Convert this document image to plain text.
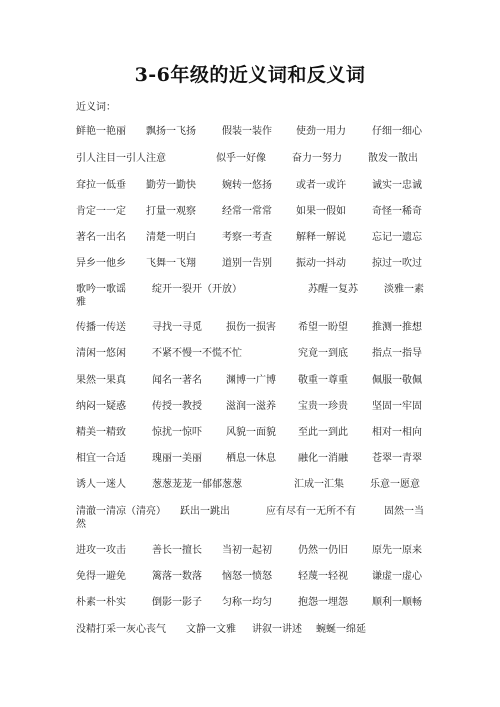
3-6年级的近义词和反义词
近义词：
鲜艳一艳丽 飘扬一飞扬	假装一装作 使劲一用力	仔细一细心
引人注目一引人注意	似乎一好像	奋力一努力	散发一散出
耷拉一低垂 勤劳一勤快	婉转一悠扬 或者一或许	诚实一忠诚
肯定一一定 打量一观察	经常一常常 如果一假如	奇怪一稀奇
著名一出名 清楚一明白	考察一考查 解释一解说	忘记一遗忘
异乡一他乡 飞舞一飞翔	道别一告别 振动一抖动	掠过一吹过
歌吟一歌谣	绽开一裂开（开放）	苏醒一复苏	淡雅一素
雅
传播一传送	寻找一寻觅 损伤一损害 希望一盼望 推测一推想
清闲一悠闲	不紧不慢一不慌不忙	究竟一到底 指点一指导
果然一果真	闻名一著名 渊博一广博 敬重一尊重 佩服一敬佩
纳闷一疑惑	传授一教授 滋润一滋养 宝贵一珍贵 坚固一牢固
精美一精致	惊扰一惊吓 风貌一面貌 至此一到此 相对一相向
相宜一合适	瑰丽一美丽 栖息一休息 融化一消融 苍翠一青翠
诱人一迷人	葱葱茏茏一郁郁葱葱	汇成一汇集	乐意一愿意
清澈一清凉（清亮） 跃出一跳出	应有尽有一无所不有	固然一当
然
进攻一攻击	善长一擅长 当初一起初	仍然一仍旧 原先一原来
免得一避免	篱落一数落 恼怒一愤怒	轻蔑一轻视 谦虚一虚心
朴素一朴实	倒影一影子 匀称一均匀	抱怨一埋怨 顺利一顺畅
没精打采一灰心丧气 文静一文雅 讲叙一讲述 蜿蜒一绵延
